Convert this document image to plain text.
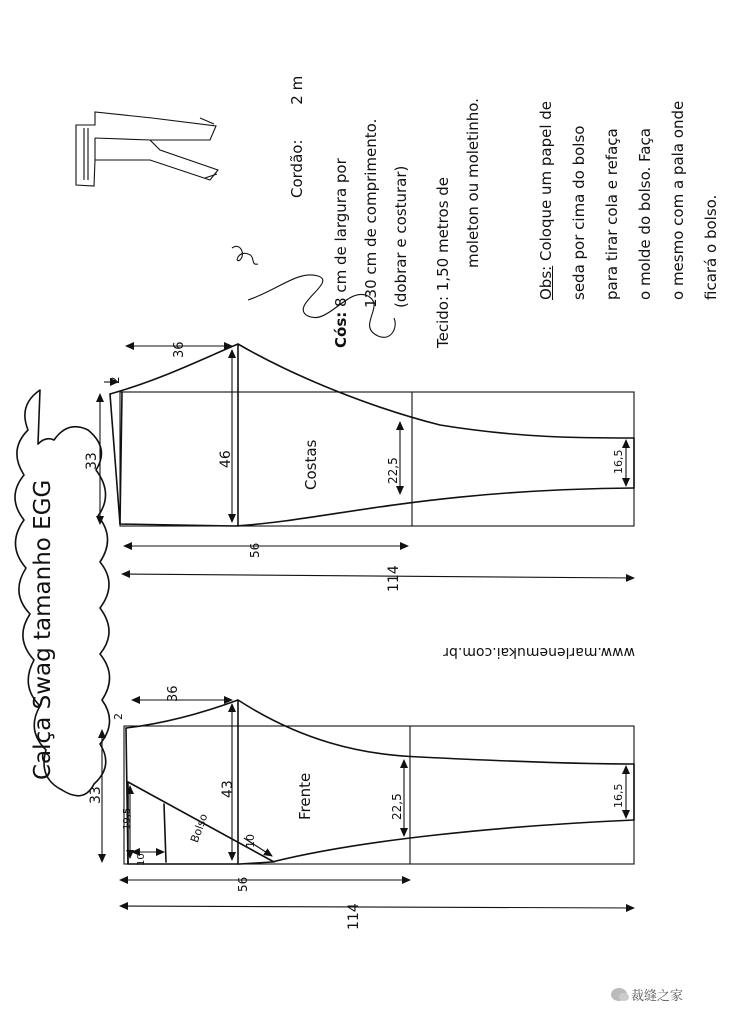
Calça Swag tamanho EGG	www.marlenemukai.com.br
Costas
36
2
33	46	22,5	16,5
56
114
Frente
Bolso
36
2
33
19,5
10
10
43
22,5	16,5
56
114
Cordão: 2 m
Cós: 8 cm de largura por 130 cm de comprimento. (dobrar e costurar)
Tecido: 1,50 metros de moleton ou moletinho.
Obs: Coloque um papel de	seda por cima do bolso	para tirar cola e refaça	o molde do bolso. Faça	o mesmo com a pala onde	ficará o bolso.
裁缝之家
